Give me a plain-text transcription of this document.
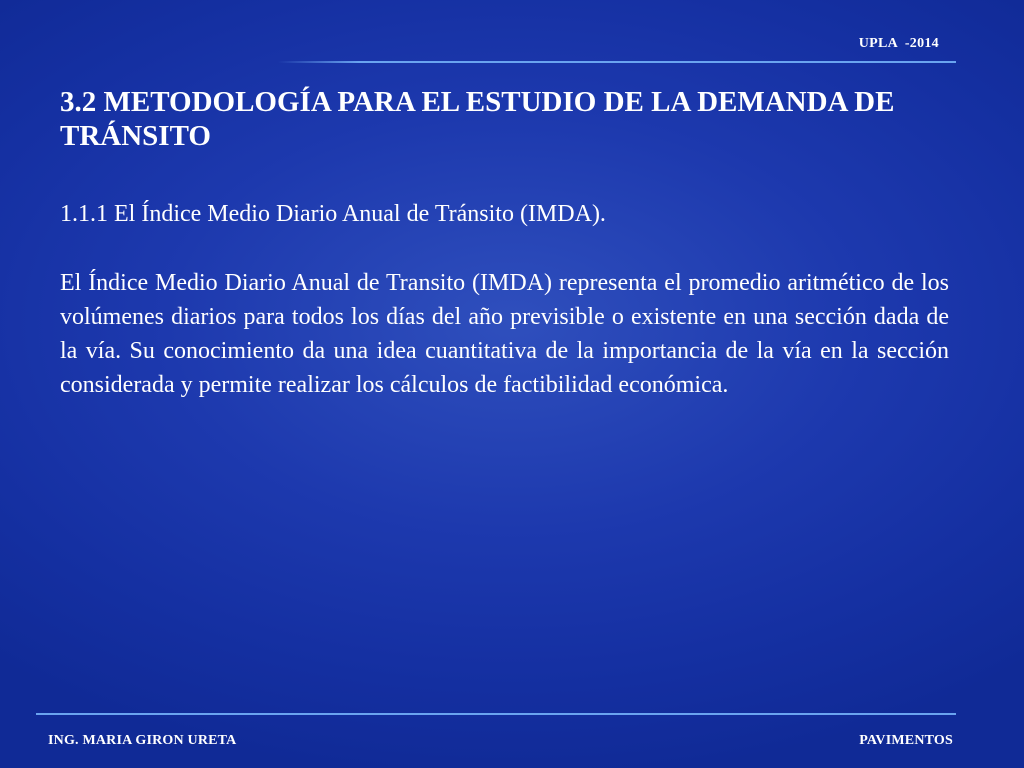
UPLA  -2014
3.2 METODOLOGÍA PARA EL ESTUDIO DE LA DEMANDA DE TRÁNSITO

1.1.1 El Índice Medio Diario Anual de Tránsito (IMDA).

El Índice Medio Diario Anual de Transito (IMDA) representa el promedio aritmético de los volúmenes diarios para todos los días del año previsible o existente en una sección dada de la vía. Su conocimiento da una idea cuantitativa de la importancia de la vía en la sección considerada y permite realizar los cálculos de factibilidad económica.

ING. MARIA GIRON URETA	PAVIMENTOS
